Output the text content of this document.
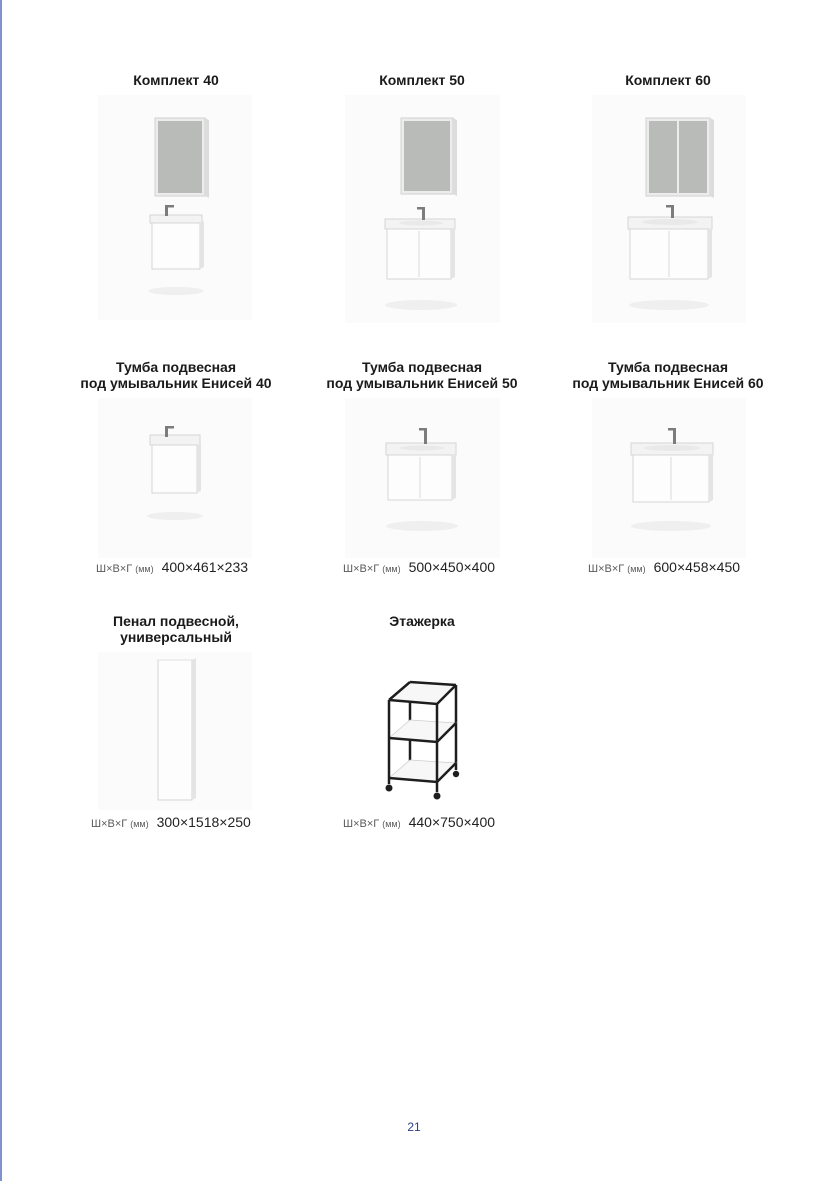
Комплект 40	Комплект 50	Комплект 60
Тумба подвесная
под умывальник Енисей 40
Тумба подвесная
под умывальник Енисей 50
Тумба подвесная
под умывальник Енисей 60
Ш×В×Г (мм) 400×461×233	Ш×В×Г (мм) 500×450×400	Ш×В×Г (мм) 600×458×450
Пенал подвесной,
универсальный
Этажерка
Ш×В×Г (мм) 300×1518×250	Ш×В×Г (мм) 440×750×400
21
